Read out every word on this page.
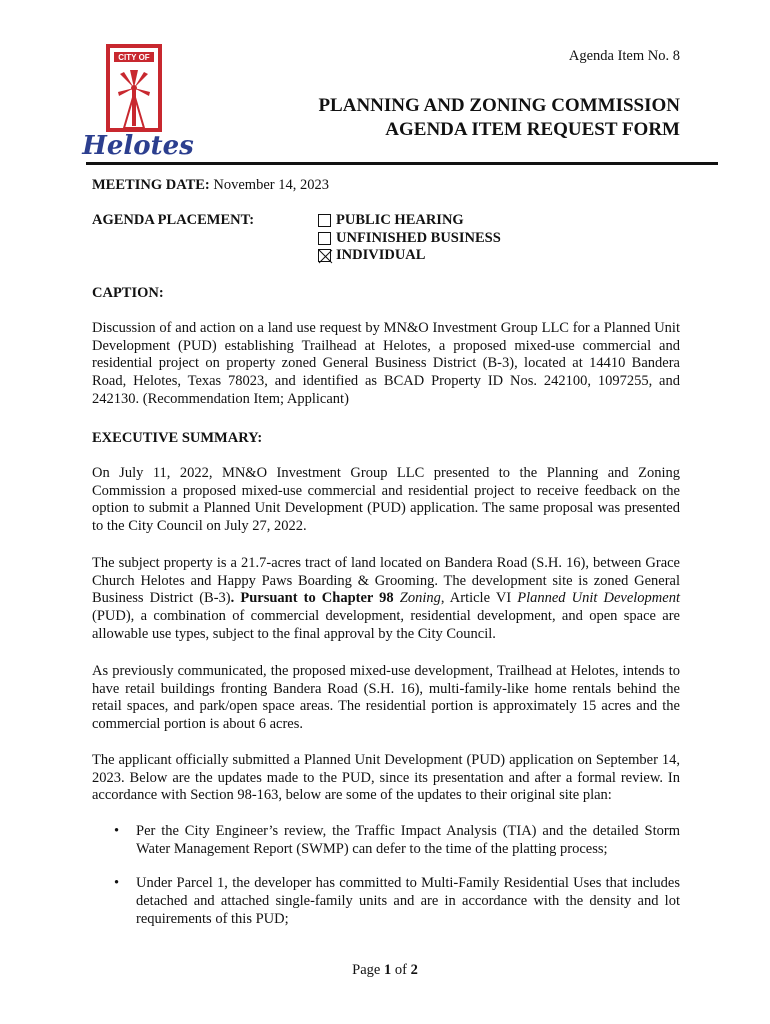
CITY OF
Helotes
Agenda Item No. 8
PLANNING AND ZONING COMMISSION
AGENDA ITEM REQUEST FORM
MEETING DATE: November 14, 2023
AGENDA PLACEMENT:	PUBLIC HEARING
UNFINISHED BUSINESS
INDIVIDUAL
CAPTION:

Discussion of and action on a land use request by MN&O Investment Group LLC for a Planned Unit Development (PUD) establishing Trailhead at Helotes, a proposed mixed-use commercial and residential project on property zoned General Business District (B-3), located at 14410 Bandera Road, Helotes, Texas 78023, and identified as BCAD Property ID Nos. 242100, 1097255, and 242130. (Recommendation Item; Applicant)

EXECUTIVE SUMMARY:

On July 11, 2022, MN&O Investment Group LLC presented to the Planning and Zoning Commission a proposed mixed-use commercial and residential project to receive feedback on the option to submit a Planned Unit Development (PUD) application. The same proposal was presented to the City Council on July 27, 2022.

The subject property is a 21.7-acres tract of land located on Bandera Road (S.H. 16), between Grace Church Helotes and Happy Paws Boarding & Grooming. The development site is zoned General Business District (B-3). Pursuant to Chapter 98 Zoning, Article VI Planned Unit Development (PUD), a combination of commercial development, residential development, and open space are allowable use types, subject to the final approval by the City Council.

As previously communicated, the proposed mixed-use development, Trailhead at Helotes, intends to have retail buildings fronting Bandera Road (S.H. 16), multi-family-like home rentals behind the retail spaces, and park/open space areas. The residential portion is approximately 15 acres and the commercial portion is about 6 acres.

The applicant officially submitted a Planned Unit Development (PUD) application on September 14, 2023. Below are the updates made to the PUD, since its presentation and after a formal review. In accordance with Section 98-163, below are some of the updates to their original site plan:

• Per the City Engineer’s review, the Traffic Impact Analysis (TIA) and the detailed Storm Water Management Report (SWMP) can defer to the time of the platting process;
• Under Parcel 1, the developer has committed to Multi-Family Residential Uses that includes detached and attached single-family units and are in accordance with the density and lot requirements of this PUD;
Page 1 of 2
